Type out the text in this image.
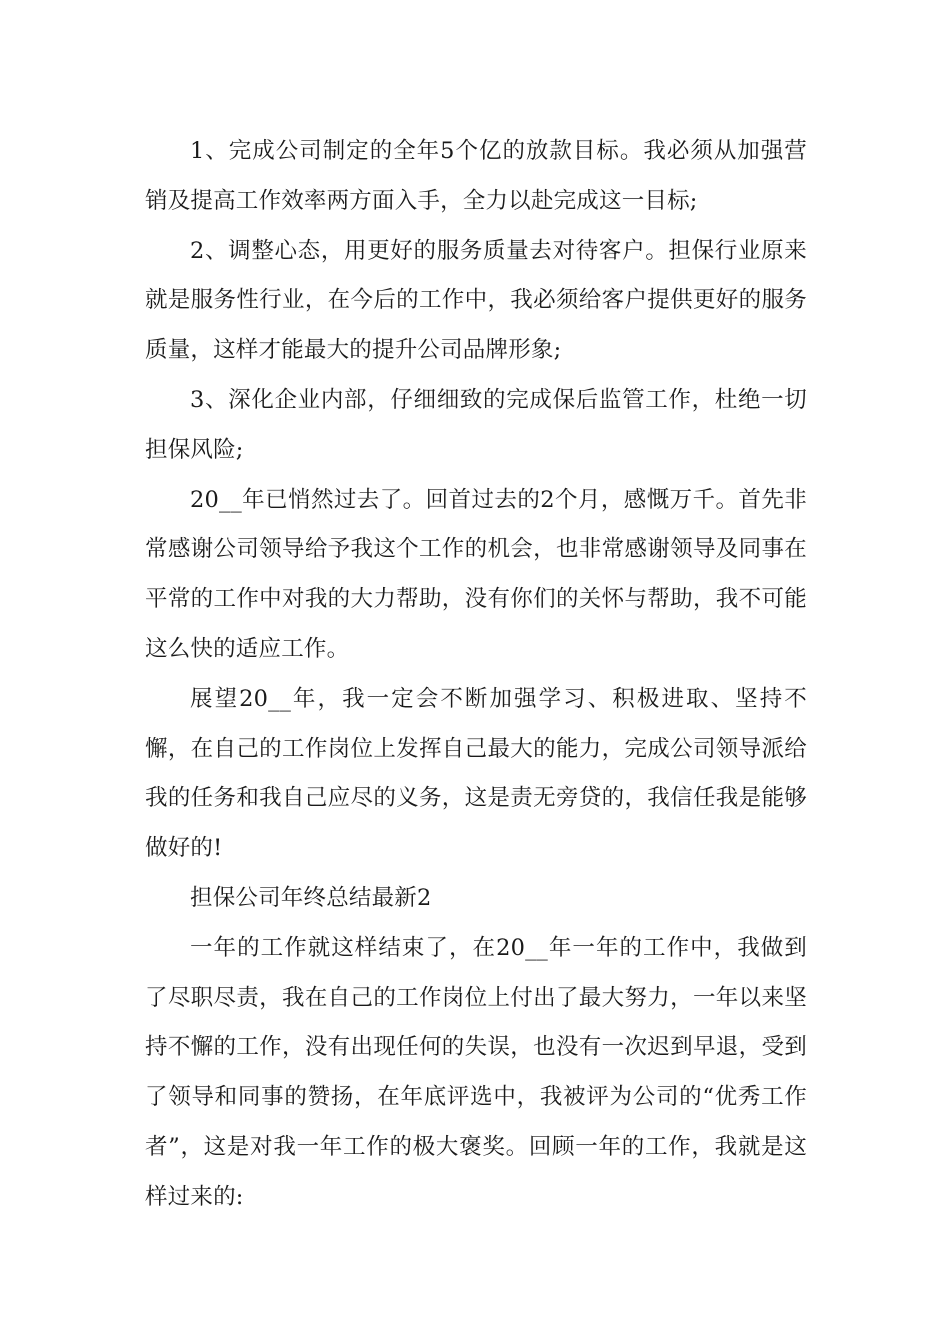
1、完成公司制定的全年5个亿的放款目标。我必须从加强营销及提高工作效率两方面入手，全力以赴完成这一目标;

2、调整心态，用更好的服务质量去对待客户。担保行业原来就是服务性行业，在今后的工作中，我必须给客户提供更好的服务质量，这样才能最大的提升公司品牌形象;

3、深化企业内部，仔细细致的完成保后监管工作，杜绝一切担保风险;

20__年已悄然过去了。回首过去的2个月，感慨万千。首先非常感谢公司领导给予我这个工作的机会，也非常感谢领导及同事在平常的工作中对我的大力帮助，没有你们的关怀与帮助，我不可能这么快的适应工作。

展望20__年，我一定会不断加强学习、积极进取、坚持不懈，在自己的工作岗位上发挥自己最大的能力，完成公司领导派给我的任务和我自己应尽的义务，这是责无旁贷的，我信任我是能够做好的!

担保公司年终总结最新2

一年的工作就这样结束了，在20__年一年的工作中，我做到了尽职尽责，我在自己的工作岗位上付出了最大努力，一年以来坚持不懈的工作，没有出现任何的失误，也没有一次迟到早退，受到了领导和同事的赞扬，在年底评选中，我被评为公司的“优秀工作者”，这是对我一年工作的极大褒奖。回顾一年的工作，我就是这样过来的:
